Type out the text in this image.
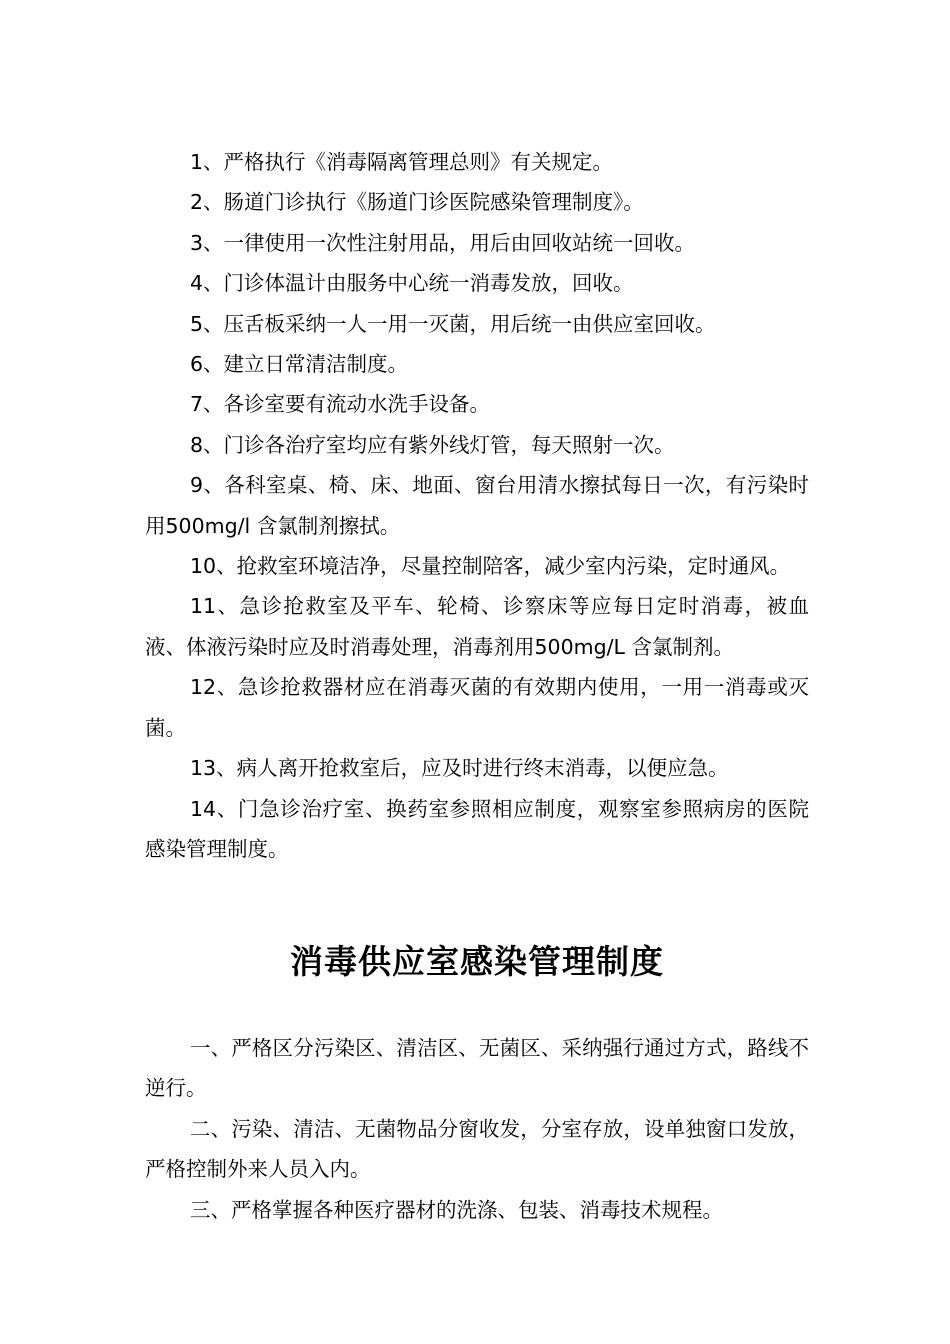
1、严格执行《消毒隔离管理总则》有关规定。

2、肠道门诊执行《肠道门诊医院感染管理制度》。

3、一律使用一次性注射用品，用后由回收站统一回收。

4、门诊体温计由服务中心统一消毒发放，回收。

5、压舌板采纳一人一用一灭菌，用后统一由供应室回收。

6、建立日常清洁制度。

7、各诊室要有流动水洗手设备。

8、门诊各治疗室均应有紫外线灯管，每天照射一次。

9、各科室桌、椅、床、地面、窗台用清水擦拭每日一次，有污染时用500mg/l 含氯制剂擦拭。

10、抢救室环境洁净，尽量控制陪客，减少室内污染，定时通风。

11、急诊抢救室及平车、轮椅、诊察床等应每日定时消毒，被血液、体液污染时应及时消毒处理，消毒剂用500mg/L 含氯制剂。

12、急诊抢救器材应在消毒灭菌的有效期内使用，一用一消毒或灭菌。

13、病人离开抢救室后，应及时进行终末消毒，以便应急。

14、门急诊治疗室、换药室参照相应制度，观察室参照病房的医院感染管理制度。

消毒供应室感染管理制度

一、严格区分污染区、清洁区、无菌区、采纳强行通过方式，路线不逆行。

二、污染、清洁、无菌物品分窗收发，分室存放，设单独窗口发放，严格控制外来人员入内。

三、严格掌握各种医疗器材的洗涤、包装、消毒技术规程。
